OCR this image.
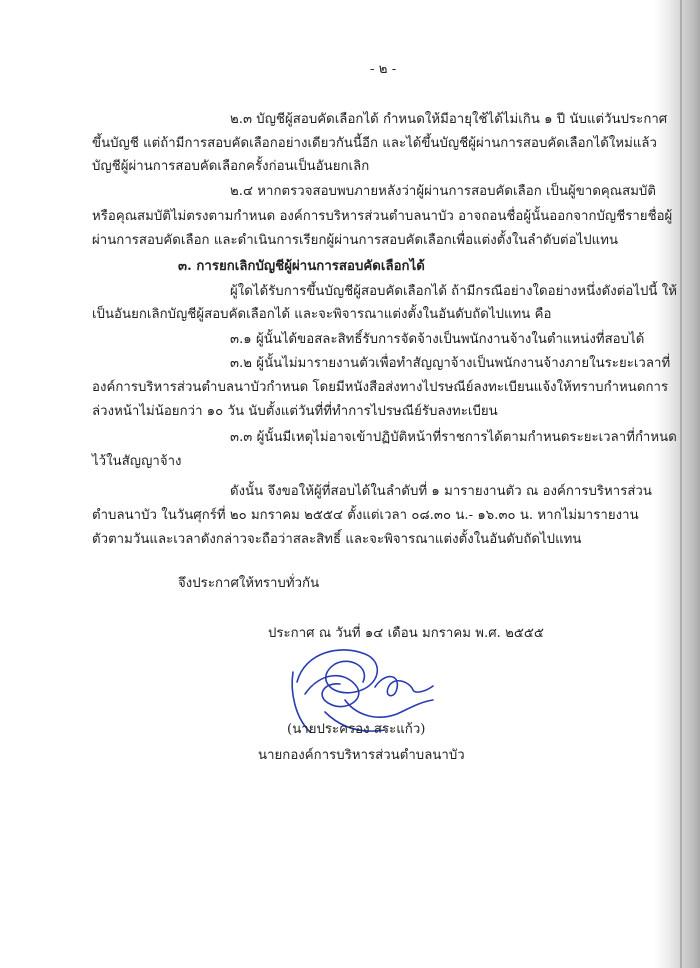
- ๒ -
๒.๓ บัญชีผู้สอบคัดเลือกได้ กำหนดให้มีอายุใช้ได้ไม่เกิน ๑ ปี นับแต่วันประกาศ
ขึ้นบัญชี แต่ถ้ามีการสอบคัดเลือกอย่างเดียวกันนี้อีก และได้ขึ้นบัญชีผู้ผ่านการสอบคัดเลือกได้ใหม่แล้ว
บัญชีผู้ผ่านการสอบคัดเลือกครั้งก่อนเป็นอันยกเลิก
๒.๔ หากตรวจสอบพบภายหลังว่าผู้ผ่านการสอบคัดเลือก เป็นผู้ขาดคุณสมบัติ
หรือคุณสมบัติไม่ตรงตามกำหนด องค์การบริหารส่วนตำบลนาบัว อาจถอนชื่อผู้นั้นออกจากบัญชีรายชื่อผู้
ผ่านการสอบคัดเลือก และดำเนินการเรียกผู้ผ่านการสอบคัดเลือกเพื่อแต่งตั้งในลำดับต่อไปแทน
๓. การยกเลิกบัญชีผู้ผ่านการสอบคัดเลือกได้
ผู้ใดได้รับการขึ้นบัญชีผู้สอบคัดเลือกได้ ถ้ามีกรณีอย่างใดอย่างหนึ่งดังต่อไปนี้ ให้
เป็นอันยกเลิกบัญชีผู้สอบคัดเลือกได้ และจะพิจารณาแต่งตั้งในอันดับถัดไปแทน คือ
๓.๑ ผู้นั้นได้ขอสละสิทธิ์รับการจัดจ้างเป็นพนักงานจ้างในตำแหน่งที่สอบได้
๓.๒ ผู้นั้นไม่มารายงานตัวเพื่อทำสัญญาจ้างเป็นพนักงานจ้างภายในระยะเวลาที่
องค์การบริหารส่วนตำบลนาบัวกำหนด โดยมีหนังสือส่งทางไปรษณีย์ลงทะเบียนแจ้งให้ทราบกำหนดการ
ล่วงหน้าไม่น้อยกว่า ๑๐ วัน นับตั้งแต่วันที่ที่ทำการไปรษณีย์รับลงทะเบียน
๓.๓ ผู้นั้นมีเหตุไม่อาจเข้าปฏิบัติหน้าที่ราชการได้ตามกำหนดระยะเวลาที่กำหนด
ไว้ในสัญญาจ้าง
ดังนั้น จึงขอให้ผู้ที่สอบได้ในลำดับที่ ๑ มารายงานตัว ณ องค์การบริหารส่วน
ตำบลนาบัว ในวันศุกร์ที่ ๒๐ มกราคม ๒๕๕๔ ตั้งแต่เวลา ๐๘.๓๐ น.- ๑๖.๓๐ น. หากไม่มารายงาน
ตัวตามวันและเวลาดังกล่าวจะถือว่าสละสิทธิ์ และจะพิจารณาแต่งตั้งในอันดับถัดไปแทน
จึงประกาศให้ทราบทั่วกัน
ประกาศ ณ วันที่ ๑๔ เดือน มกราคม พ.ศ. ๒๕๕๕
(นายประครอง สระแก้ว)
นายกองค์การบริหารส่วนตำบลนาบัว
